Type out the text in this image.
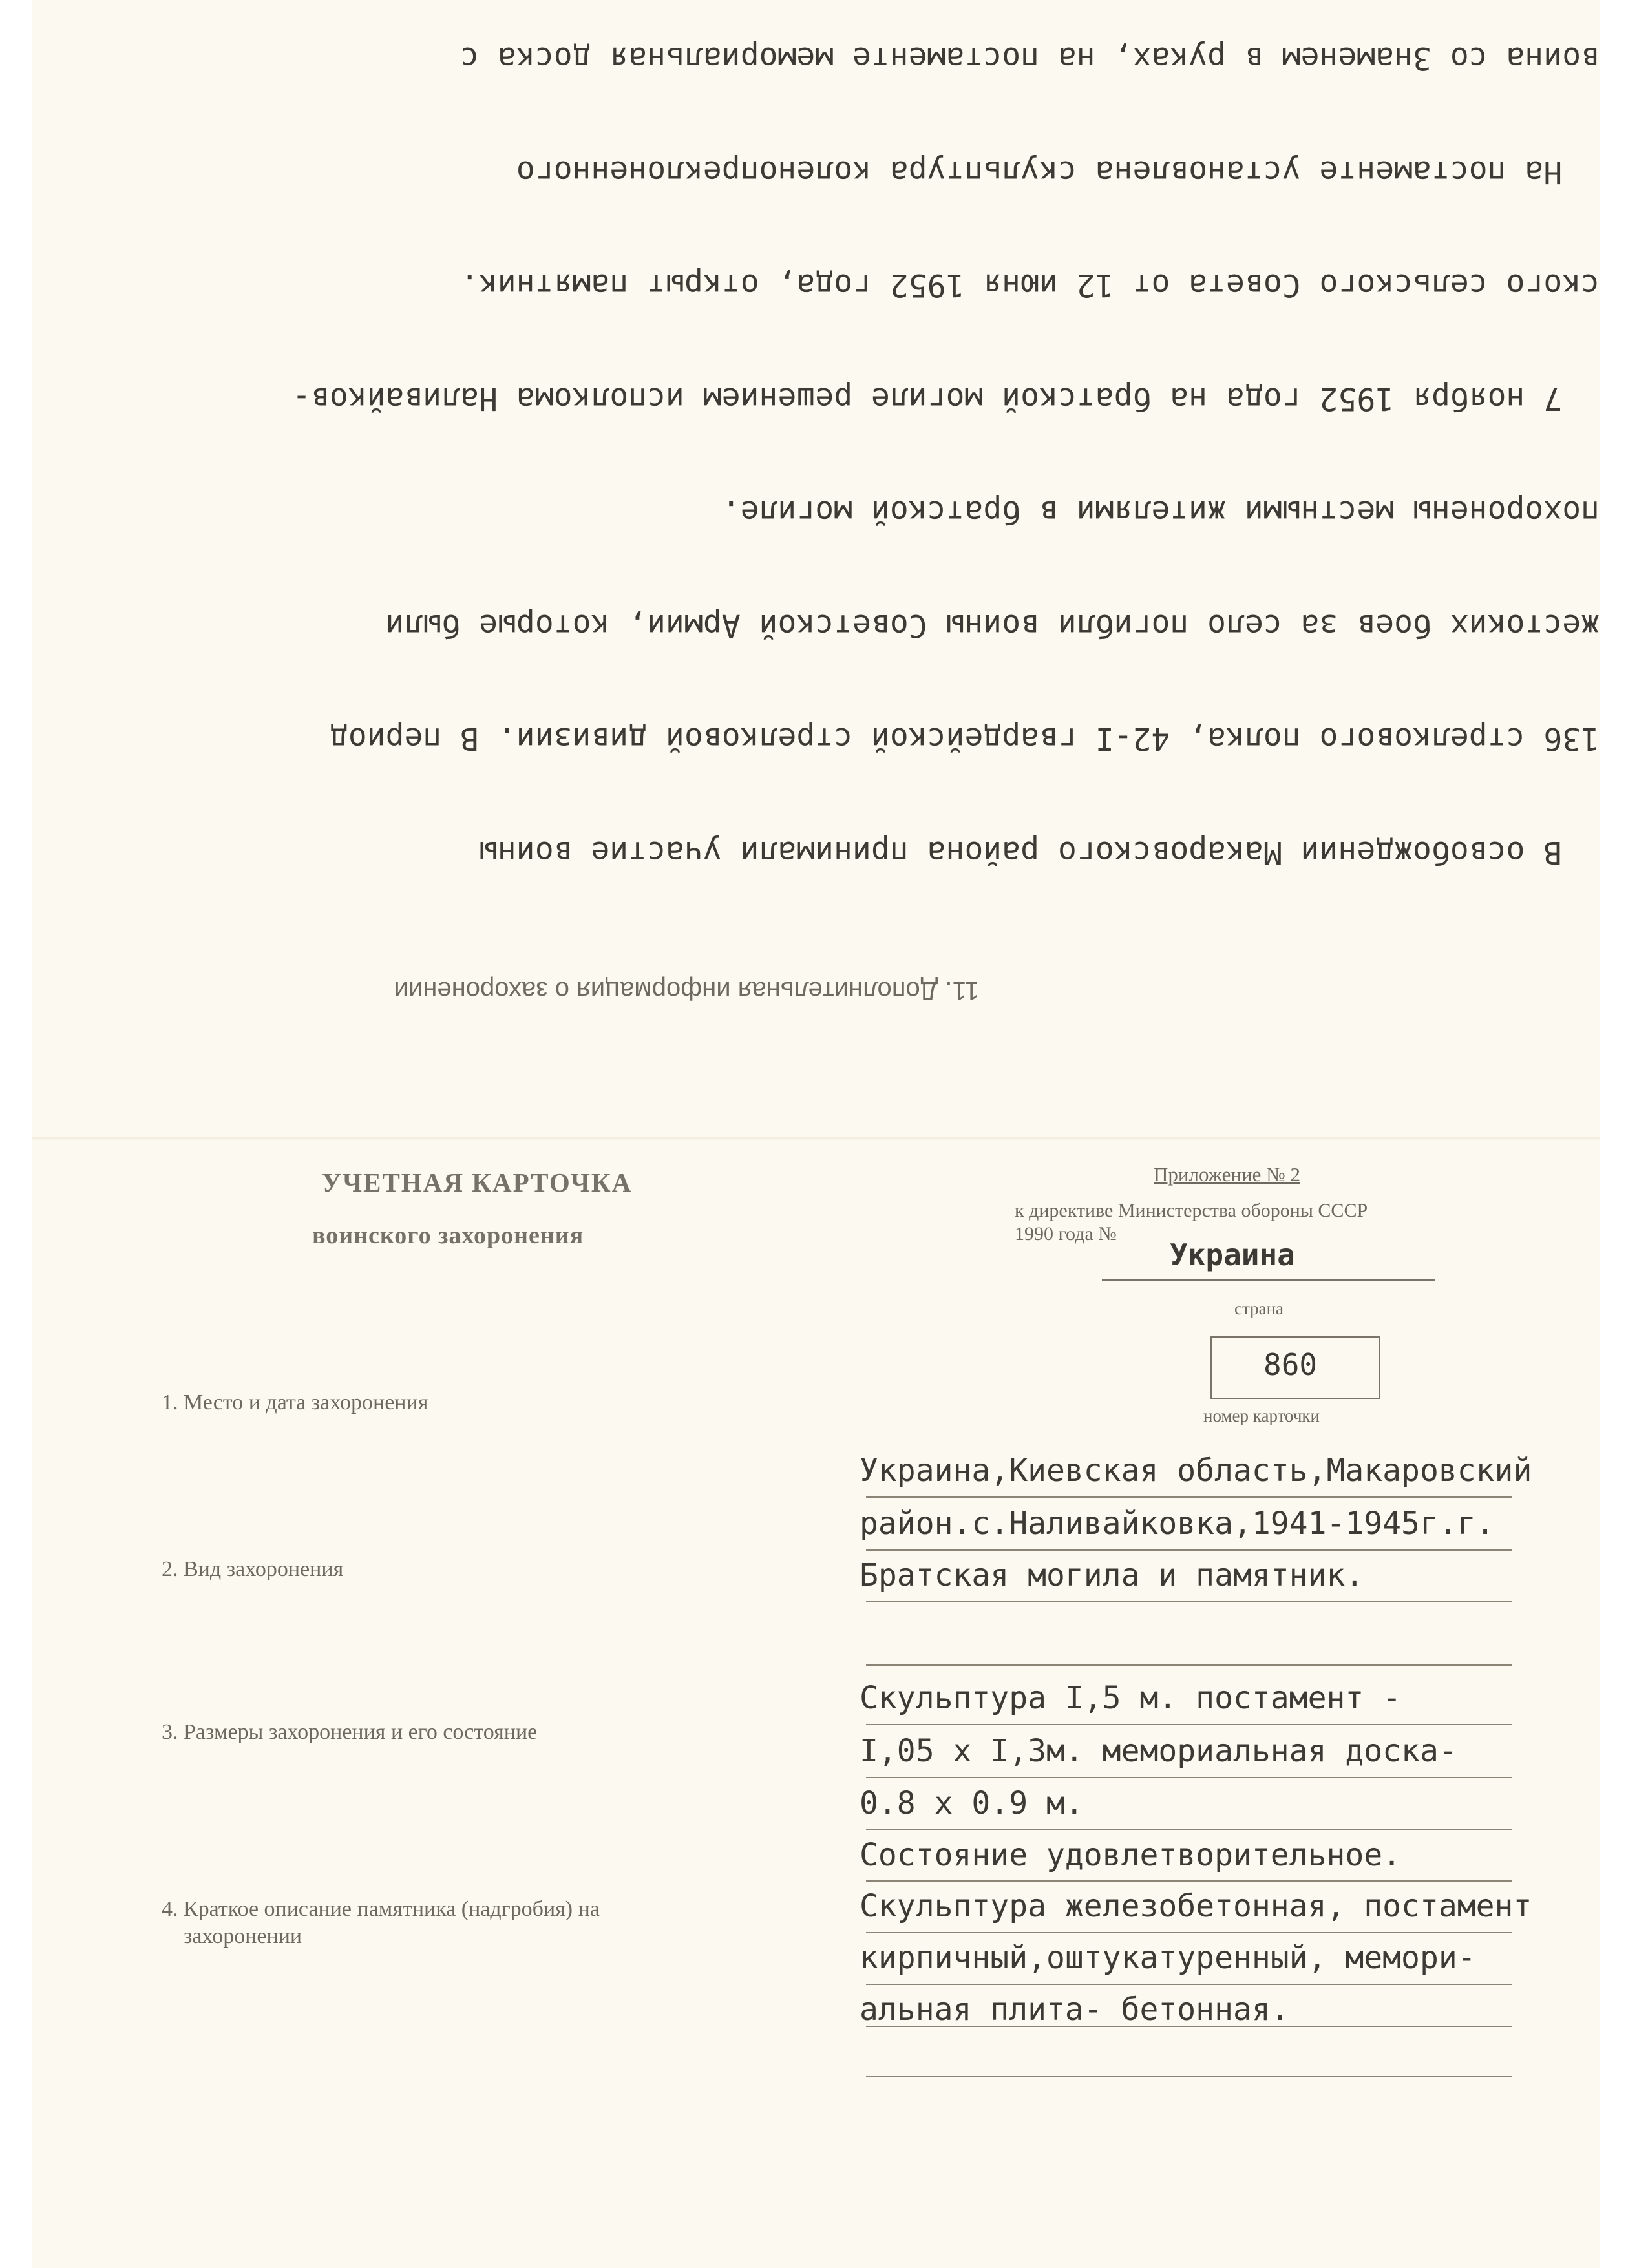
11. Дополнительная информация о захоронении

В освобождении Макаровского района принимали участие воины

136 стрелкового полка, 42-I гвардейской стрелковой дивизии. В период

жестоких боев за село погибли воины Советской Армии, которые были

похоронены местными жителями в братской могиле.

7 ноября 1952 года на братской могиле решением исполкома Наливайков-

ского сельского Совета от 12 июня 1952 года, открыт памятник.

На постаменте установлена скульптура коленопреклоненного

воина со Знаменем в руках, на постаменте мемориальная доска с

УЧЕТНАЯ КАРТОЧКА
воинского захоронения
Приложение № 2
к директиве Министерства обороны СССР
1990 года №
Украина
страна
860
номер карточки
1. Место и дата захоронения
2. Вид захоронения
3. Размеры захоронения и его состояние
4. Краткое описание памятника (надгробия) на
захоронении
Украина,Киевская область,Макаровский
район.с.Наливайковка,1941-1945г.г.
Братская могила и памятник.
Скульптура I,5 м. постамент -
I,05 x I,3м. мемориальная доска-
0.8 x 0.9 м.
Состояние удовлетворительное.
Скульптура железобетонная, постамент
кирпичный,оштукатуренный, мемори-
альная плита- бетонная.
